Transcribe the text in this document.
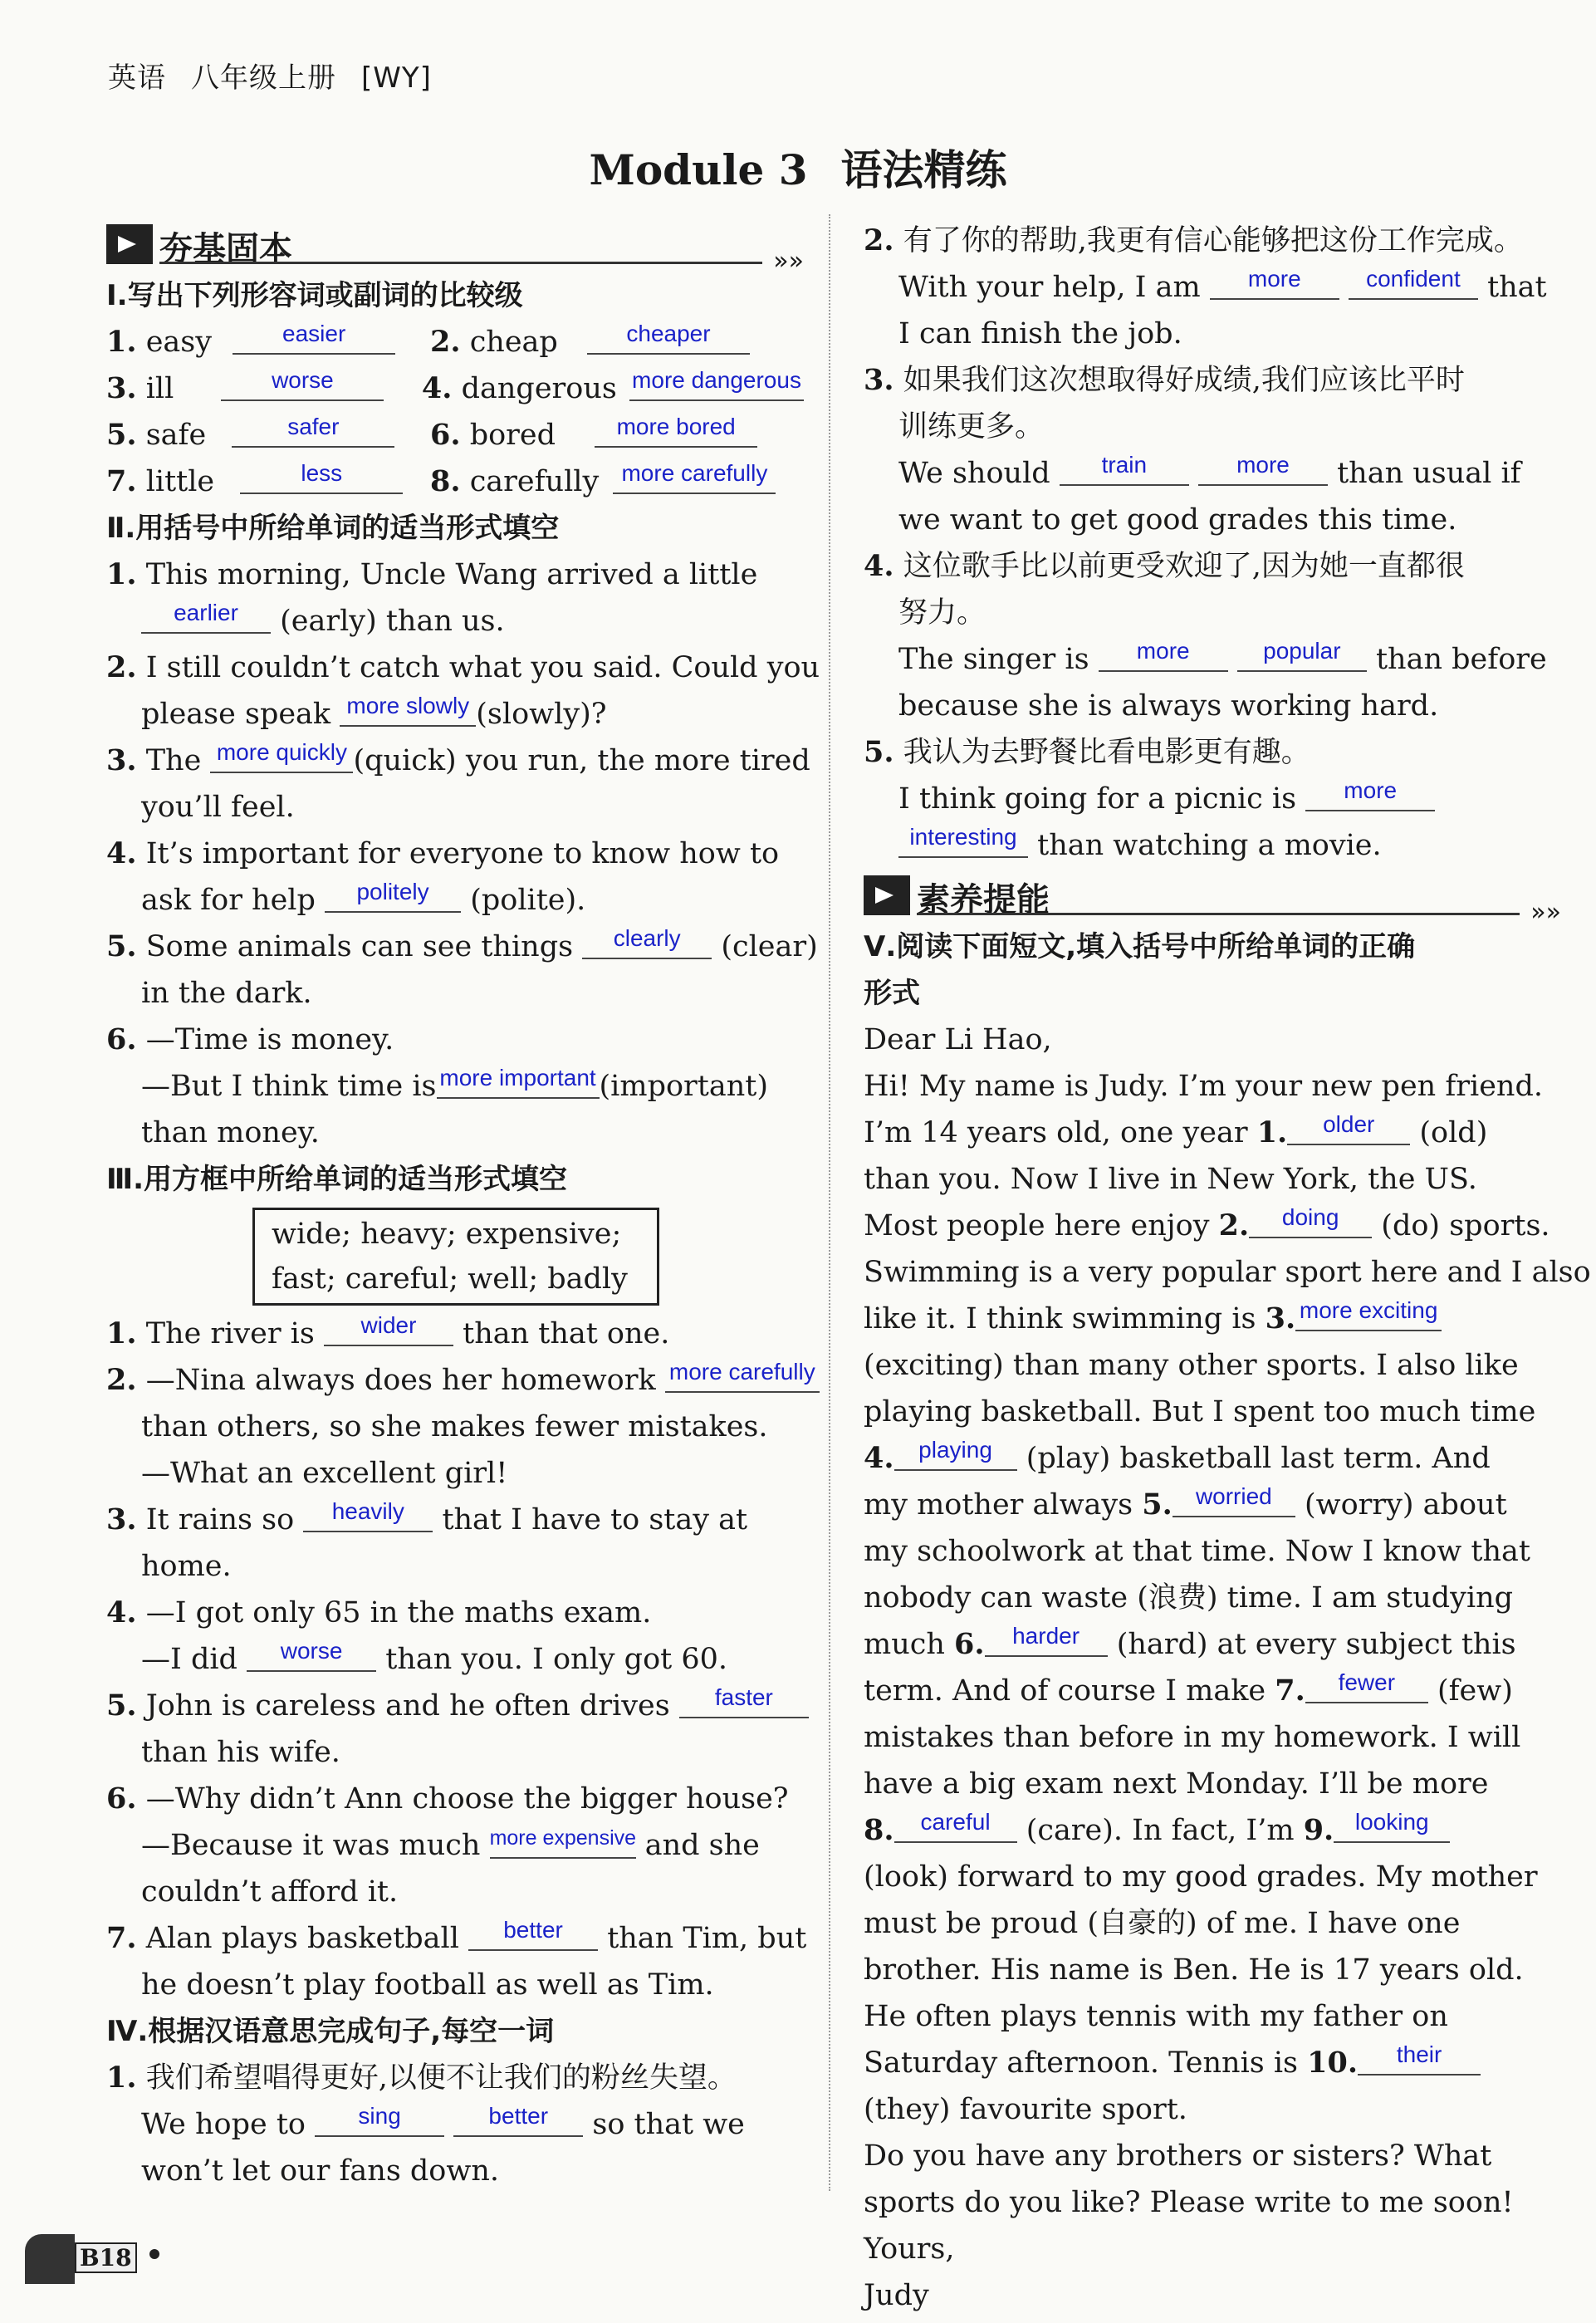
英语 八年级上册 [WY]
Module 3 语法精练
夯基固本	»»
Ⅰ.写出下列形容词或副词的比较级
1. easy	easier	2. cheap	cheaper
3. ill	worse	4. dangerous more dangerous
5. safe	safer	6. bored	more bored
7. little	less	8. carefully more carefully
Ⅱ.用括号中所给单词的适当形式填空
1. This morning, Uncle Wang arrived a little
earlier (early) than us.
2. I still couldn’t catch what you said. Could you
please speak more slowly (slowly)?
3. The more quickly (quick) you run, the more tired
you’ll feel.
4. It’s important for everyone to know how to
ask for help politely (polite).
5. Some animals can see things clearly (clear)
in the dark.
6. —Time is money.
—But I think time is more important (important)
than money.
Ⅲ.用方框中所给单词的适当形式填空
wide; heavy; expensive;
fast; careful; well; badly
1. The river is wider than that one.
2. —Nina always does her homework more carefully
than others, so she makes fewer mistakes.
—What an excellent girl!
3. It rains so heavily that I have to stay at
home.
4. —I got only 65 in the maths exam.
—I did worse than you. I only got 60.
5. John is careless and he often drives faster
than his wife.
6. —Why didn’t Ann choose the bigger house?
—Because it was much more expensive and she
couldn’t afford it.
7. Alan plays basketball better than Tim, but
he doesn’t play football as well as Tim.
Ⅳ.根据汉语意思完成句子,每空一词
1. 我们希望唱得更好,以便不让我们的粉丝失望。
We hope to sing	better so that we
won’t let our fans down.
2. 有了你的帮助,我更有信心能够把这份工作完成。
With your help, I am more	confident that
I can finish the job.
3. 如果我们这次想取得好成绩,我们应该比平时
训练更多。
We should train	more than usual if
we want to get good grades this time.
4. 这位歌手比以前更受欢迎了,因为她一直都很
努力。
The singer is more	popular than before
because she is always working hard.
5. 我认为去野餐比看电影更有趣。
I think going for a picnic is more
interesting than watching a movie.
素养提能	»»
Ⅴ.阅读下面短文,填入括号中所给单词的正确
形式
Dear Li Hao,
Hi! My name is Judy. I’m your new pen friend.
I’m 14 years old, one year 1. older (old)
than you. Now I live in New York, the US.
Most people here enjoy 2. doing (do) sports.
Swimming is a very popular sport here and I also
like it. I think swimming is 3. more exciting
(exciting) than many other sports. I also like
playing basketball. But I spent too much time
4. playing (play) basketball last term. And
my mother always 5. worried (worry) about
my schoolwork at that time. Now I know that
nobody can waste (浪费) time. I am studying
much 6. harder (hard) at every subject this
term. And of course I make 7. fewer (few)
mistakes than before in my homework. I will
have a big exam next Monday. I’ll be more
8. careful (care). In fact, I’m 9. looking
(look) forward to my good grades. My mother
must be proud (自豪的) of me. I have one
brother. His name is Ben. He is 17 years old.
He often plays tennis with my father on
Saturday afternoon. Tennis is 10. their
(they) favourite sport.
Do you have any brothers or sisters? What
sports do you like? Please write to me soon!
Yours,
Judy
B18
